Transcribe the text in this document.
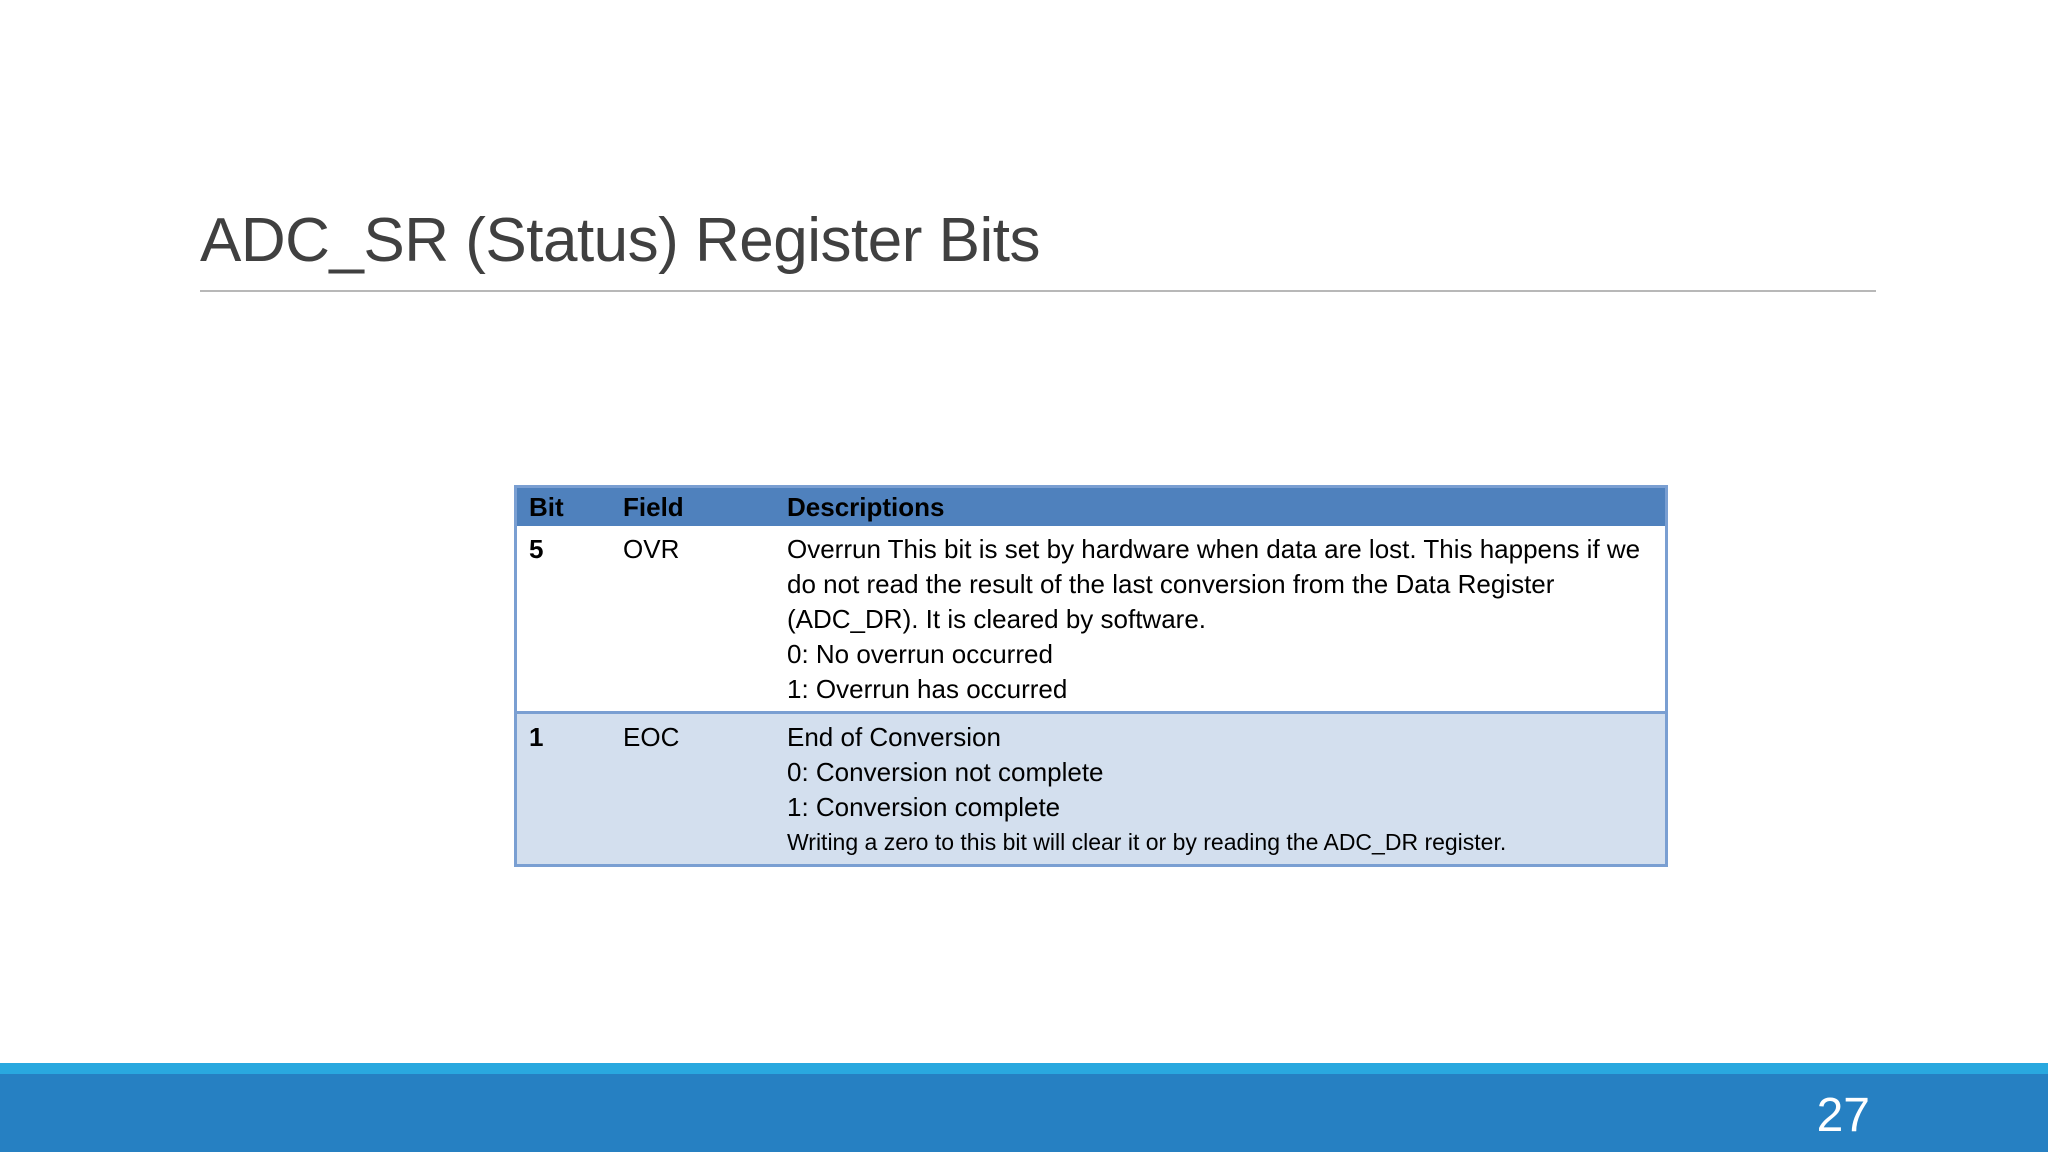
ADC_SR (Status) Register Bits
Bit	Field	Descriptions
5	OVR	Overrun This bit is set by hardware when data are lost. This happens if we
do not read the result of the last conversion from the Data Register
(ADC_DR). It is cleared by software.
0: No overrun occurred
1: Overrun has occurred

1	EOC	End of Conversion
0: Conversion not complete
1: Conversion complete
Writing a zero to this bit will clear it or by reading the ADC_DR register.
27
